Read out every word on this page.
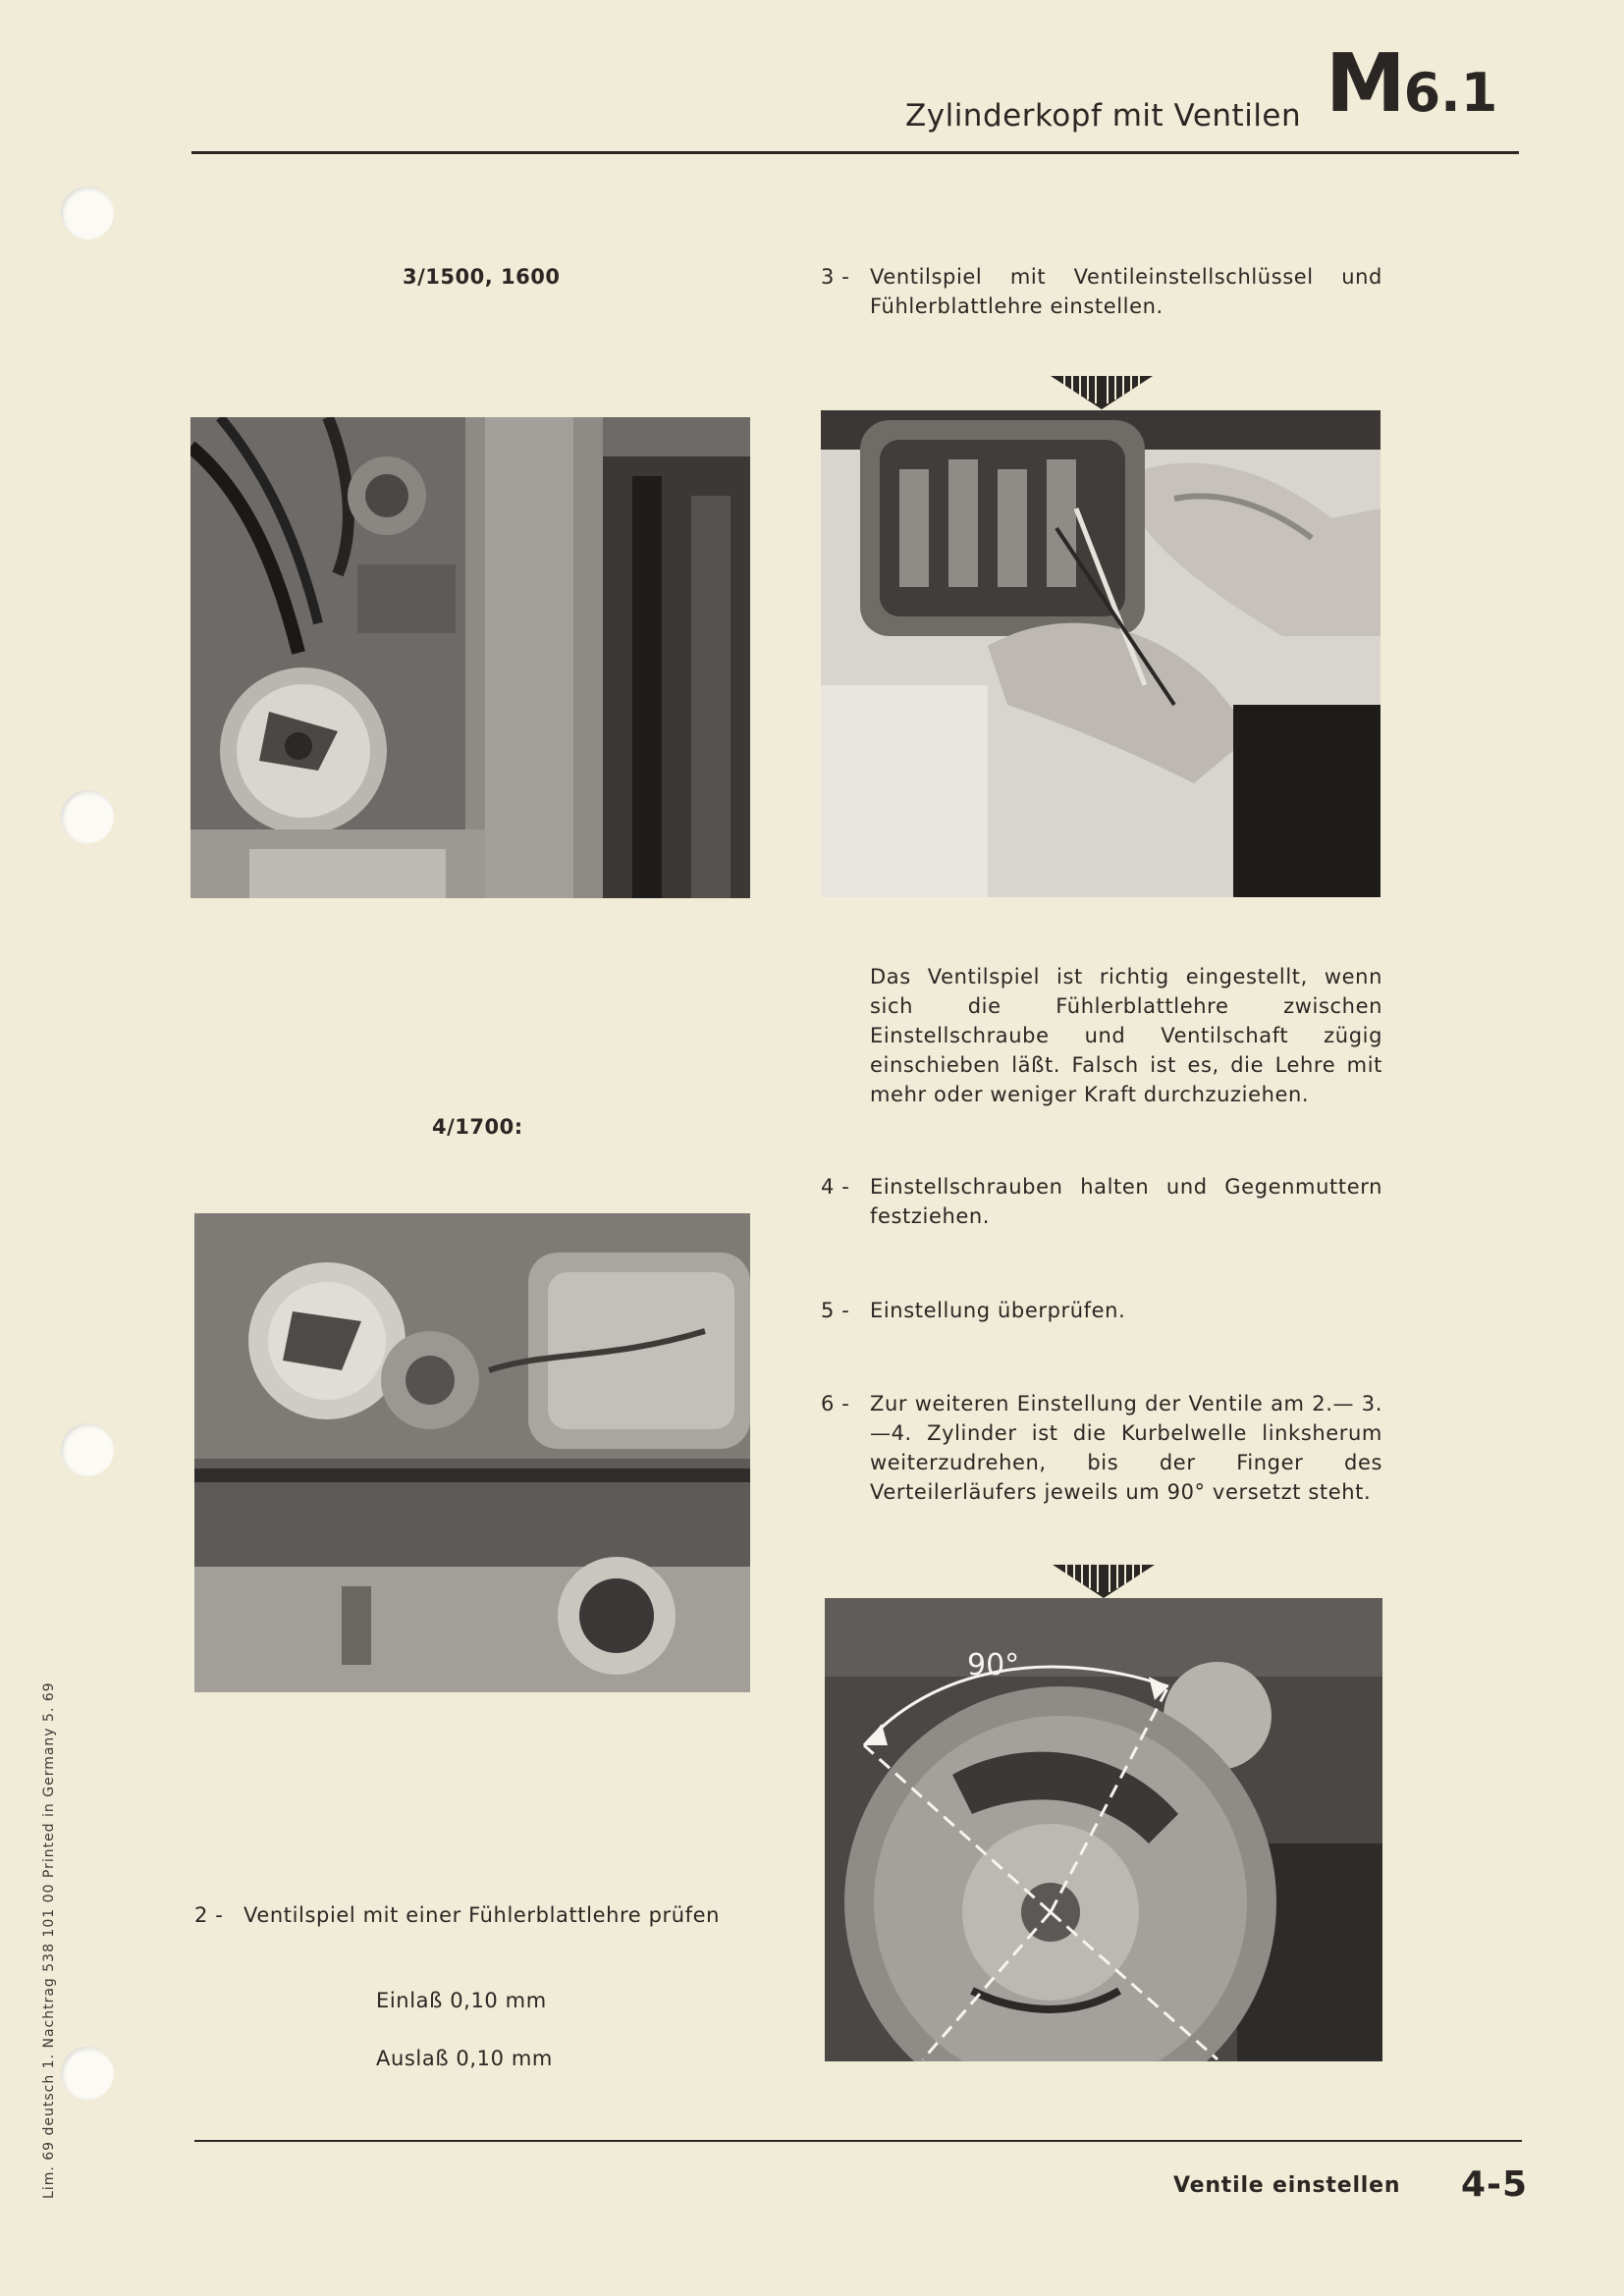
Zylinderkopf mit Ventilen M6.1
3/1500, 1600
4/1700:
3 - Ventilspiel mit Ventileinstellschlüssel und Fühlerblattlehre einstellen.
Das Ventilspiel ist richtig eingestellt, wenn sich die Fühlerblattlehre zwischen Einstellschraube und Ventilschaft zügig einschieben läßt. Falsch ist es, die Lehre mit mehr oder weniger Kraft durchzuziehen.
4 - Einstellschrauben halten und Gegenmuttern festziehen.
5 - Einstellung überprüfen.
6 - Zur weiteren Einstellung der Ventile am 2.— 3.—4. Zylinder ist die Kurbelwelle linksherum weiterzudrehen, bis der Finger des Verteilerläufers jeweils um 90° versetzt steht.
90°
2 - Ventilspiel mit einer Fühlerblattlehre prüfen
Einlaß 0,10 mm
Auslaß 0,10 mm
Lim. 69 deutsch 1. Nachtrag 538 101 00 Printed in Germany 5. 69	Ventile einstellen 4-5
